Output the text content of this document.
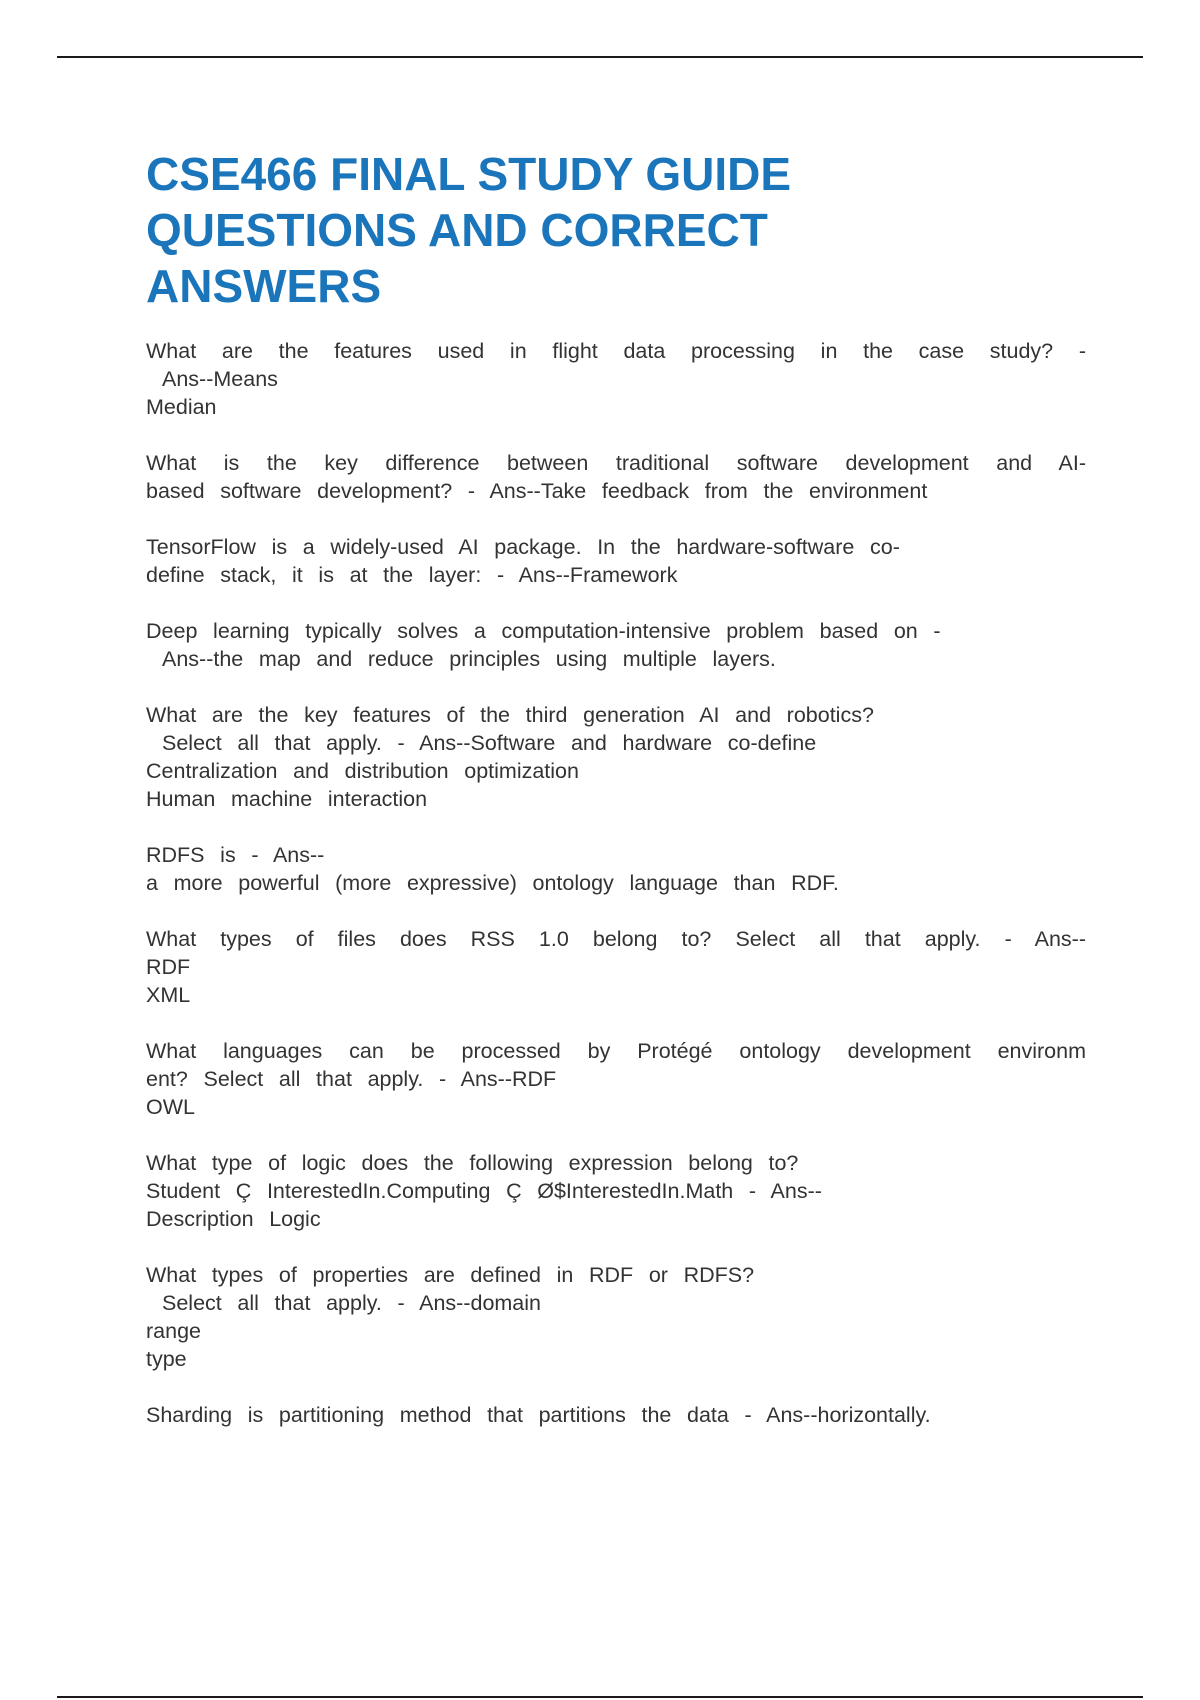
CSE466 FINAL STUDY GUIDE
QUESTIONS AND CORRECT
ANSWERS
What are the features used in flight data processing in the case study? -
Ans--Means
Median
What is the key difference between traditional software development and AI-
based software development? - Ans--Take feedback from the environment
TensorFlow is a widely-used AI package. In the hardware-software co-
define stack, it is at the layer: - Ans--Framework
Deep learning typically solves a computation-intensive problem based on -
Ans--the map and reduce principles using multiple layers.
What are the key features of the third generation AI and robotics?
Select all that apply. - Ans--Software and hardware co-define
Centralization and distribution optimization
Human machine interaction
RDFS is - Ans--
a more powerful (more expressive) ontology language than RDF.
What types of files does RSS 1.0 belong to? Select all that apply. - Ans--
RDF
XML
What languages can be processed by Protégé ontology development environm
ent? Select all that apply. - Ans--RDF
OWL
What type of logic does the following expression belong to?
Student Ç InterestedIn.Computing Ç Ø$InterestedIn.Math - Ans--
Description Logic
What types of properties are defined in RDF or RDFS?
Select all that apply. - Ans--domain
range
type
Sharding is partitioning method that partitions the data - Ans--horizontally.
